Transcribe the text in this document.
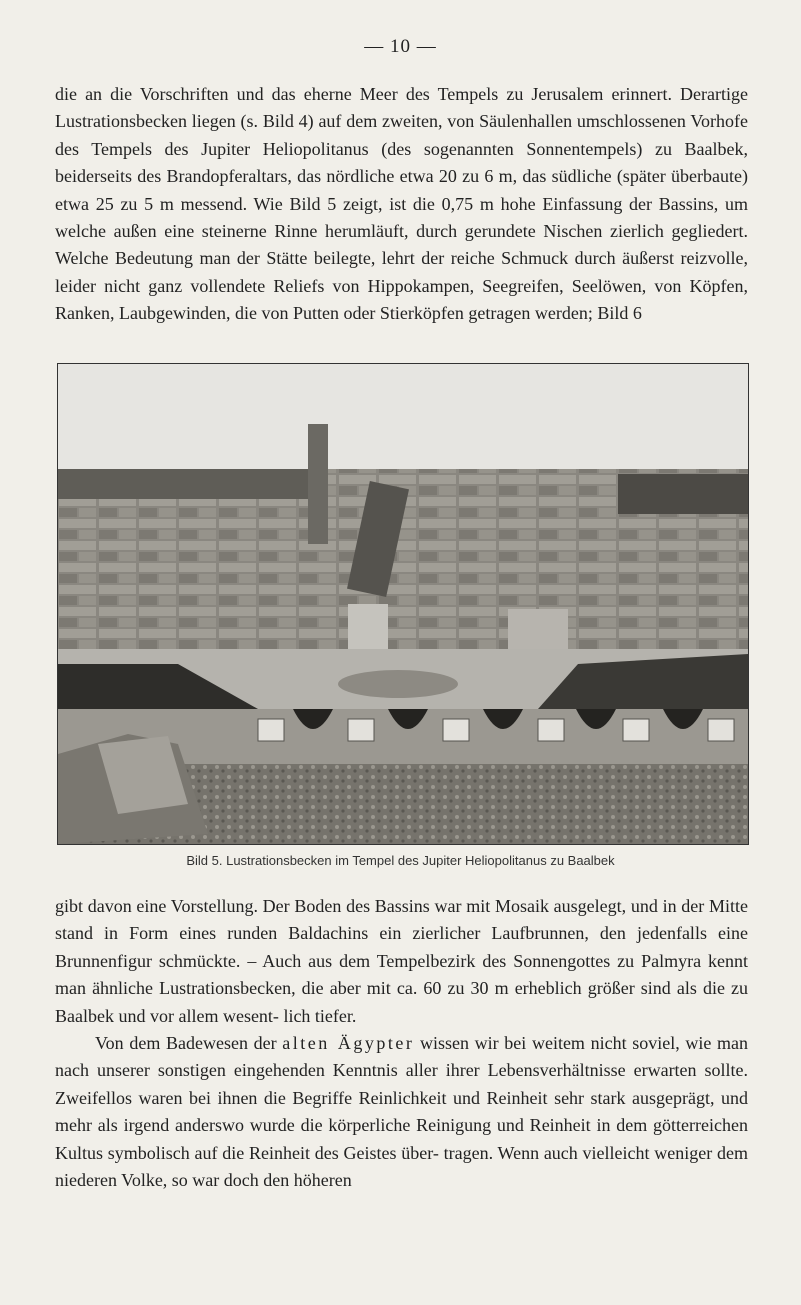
— 10 —

die an die Vorschriften und das eherne Meer des Tempels zu Jerusalem erinnert. Derartige Lustrationsbecken liegen (s. Bild 4) auf dem zweiten, von Säulenhallen umschlossenen Vorhofe des Tempels des Jupiter Heliopolitanus (des sogenannten Sonnentempels) zu Baalbek, beiderseits des Brandopferaltars, das nördliche etwa 20 zu 6 m, das südliche (später überbaute) etwa 25 zu 5 m messend. Wie Bild 5 zeigt, ist die 0,75 m hohe Einfassung der Bassins, um welche außen eine steinerne Rinne herumläuft, durch gerundete Nischen zierlich gegliedert. Welche Bedeutung man der Stätte beilegte, lehrt der reiche Schmuck durch äußerst reizvolle, leider nicht ganz vollendete Reliefs von Hippokampen, Seegreifen, Seelöwen, von Köpfen, Ranken, Laubgewinden, die von Putten oder Stierköpfen getragen werden; Bild 6

Bild 5. Lustrationsbecken im Tempel des Jupiter Heliopolitanus zu Baalbek

gibt davon eine Vorstellung. Der Boden des Bassins war mit Mosaik ausgelegt, und in der Mitte stand in Form eines runden Baldachins ein zierlicher Laufbrunnen, den jedenfalls eine Brunnenfigur schmückte. – Auch aus dem Tempelbezirk des Sonnengottes zu Palmyra kennt man ähnliche Lustrationsbecken, die aber mit ca. 60 zu 30 m erheblich größer sind als die zu Baalbek und vor allem wesent- lich tiefer.

Von dem Badewesen der alten Ägypter wissen wir bei weitem nicht soviel, wie man nach unserer sonstigen eingehenden Kenntnis aller ihrer Lebensverhältnisse erwarten sollte. Zweifellos waren bei ihnen die Begriffe Reinlichkeit und Reinheit sehr stark ausgeprägt, und mehr als irgend anderswo wurde die körperliche Reinigung und Reinheit in dem götterreichen Kultus symbolisch auf die Reinheit des Geistes über- tragen. Wenn auch vielleicht weniger dem niederen Volke, so war doch den höheren
